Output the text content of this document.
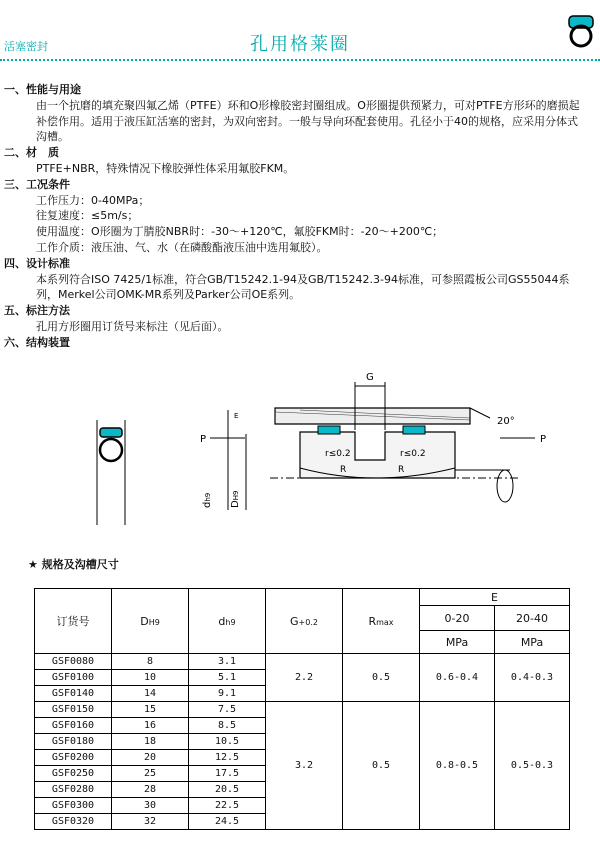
活塞密封	孔用格莱圈
一、性能与用途
由一个抗磨的填充聚四氟乙烯（PTFE）环和O形橡胶密封圈组成。O形圈提供预紧力，可对PTFE方形环的磨损起补偿作用。适用于液压缸活塞的密封，为双向密封。一般与导向环配套使用。孔径小于40的规格，应采用分体式沟槽。
二、材　质
PTFE+NBR，特殊情况下橡胶弹性体采用氟胶FKM。
三、工况条件
工作压力：0-40MPa；
往复速度：≤5m/s；
使用温度：O形圈为丁腈胶NBR时：-30～+120℃，氟胶FKM时：-20～+200℃；
工作介质：液压油、气、水（在磷酸酯液压油中选用氟胶）。
四、设计标准
本系列符合ISO 7425/1标准，符合GB/T15242.1-94及GB/T15242.3-94标准，可参照霞板公司GS55044系列，Merkel公司OMK-MR系列及Parker公司OE系列。
五、标注方法
孔用方形圈用订货号来标注（见后面）。
六、结构装置
G
P	P
20°
r≤0.2	r≤0.2
R	R
dh9
DH9
E
★ 规格及沟槽尺寸
订货号	DH9	dh9	G+0.2	Rmax	E	
					0-20	20-40
					MPa	MPa
GSF0080	8	3.1	2.2	0.5	0.6-0.4	0.4-0.3
GSF0100	10	5.1				
GSF0140	14	9.1				
GSF0150	15	7.5	3.2	0.5	0.8-0.5	0.5-0.3
GSF0160	16	8.5				
GSF0180	18	10.5				
GSF0200	20	12.5				
GSF0250	25	17.5				
GSF0280	28	20.5				
GSF0300	30	22.5				
GSF0320	32	24.5				
